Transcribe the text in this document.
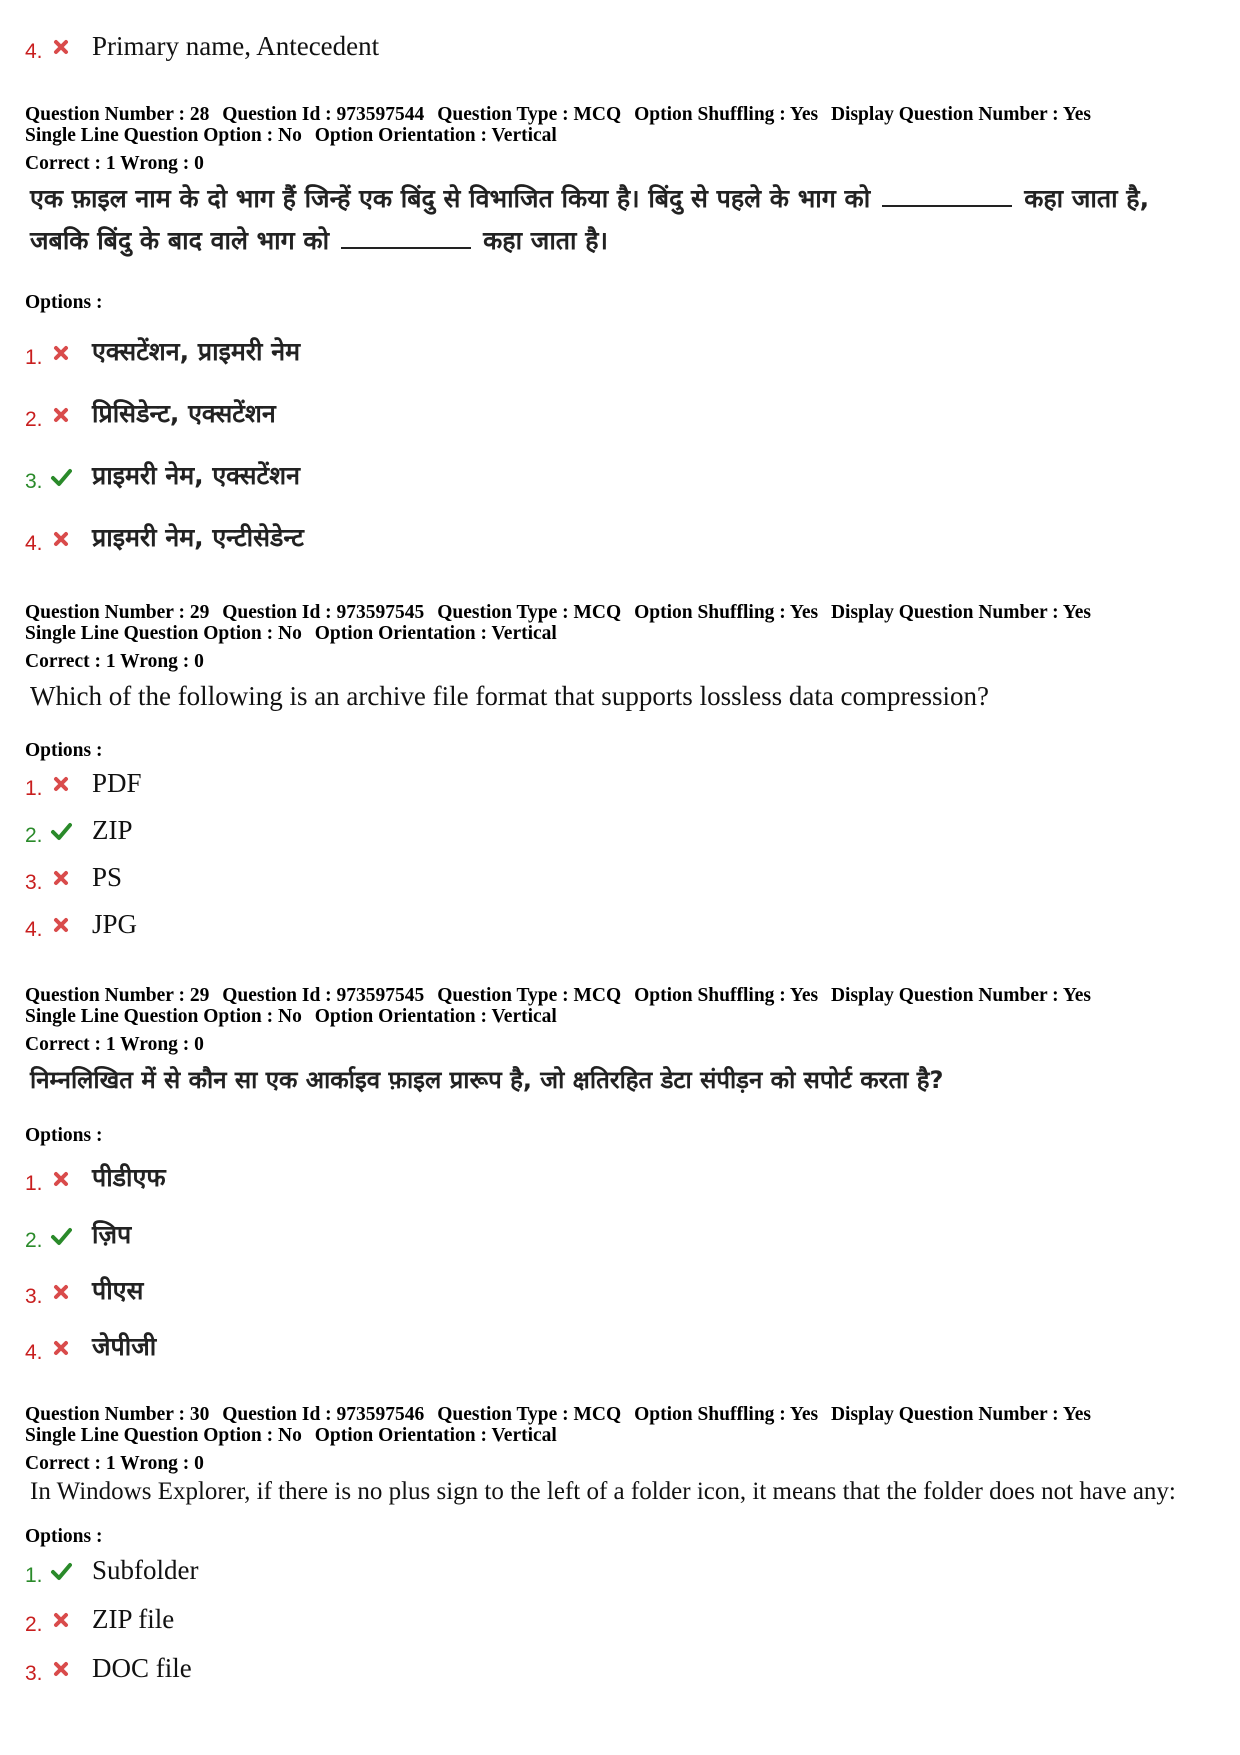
4. Primary name, Antecedent
Question Number : 28 Question Id : 973597544 Question Type : MCQ Option Shuffling : Yes Display Question Number : Yes
Single Line Question Option : No Option Orientation : Vertical
Correct : 1 Wrong : 0
एक फ़ाइल नाम के दो भाग हैं जिन्हें एक बिंदु से विभाजित किया है। बिंदु से पहले के भाग को	कहा जाता है, जबकि बिंदु के बाद वाले भाग को	कहा जाता है।
Options :
1. एक्सटेंशन, प्राइमरी नेम
2. प्रिसिडेन्ट, एक्सटेंशन
3. प्राइमरी नेम, एक्सटेंशन
4. प्राइमरी नेम, एन्टीसेडेन्ट
Question Number : 29 Question Id : 973597545 Question Type : MCQ Option Shuffling : Yes Display Question Number : Yes
Single Line Question Option : No Option Orientation : Vertical
Correct : 1 Wrong : 0
Which of the following is an archive file format that supports lossless data compression?
Options :
1. PDF
2. ZIP
3. PS
4. JPG
Question Number : 29 Question Id : 973597545 Question Type : MCQ Option Shuffling : Yes Display Question Number : Yes
Single Line Question Option : No Option Orientation : Vertical
Correct : 1 Wrong : 0
निम्नलिखित में से कौन सा एक आर्काइव फ़ाइल प्रारूप है, जो क्षतिरहित डेटा संपीड़न को सपोर्ट करता है?
Options :
1. पीडीएफ
2. ज़िप
3. पीएस
4. जेपीजी
Question Number : 30 Question Id : 973597546 Question Type : MCQ Option Shuffling : Yes Display Question Number : Yes
Single Line Question Option : No Option Orientation : Vertical
Correct : 1 Wrong : 0
In Windows Explorer, if there is no plus sign to the left of a folder icon, it means that the folder does not have any:
Options :
1. Subfolder
2. ZIP file
3. DOC file
